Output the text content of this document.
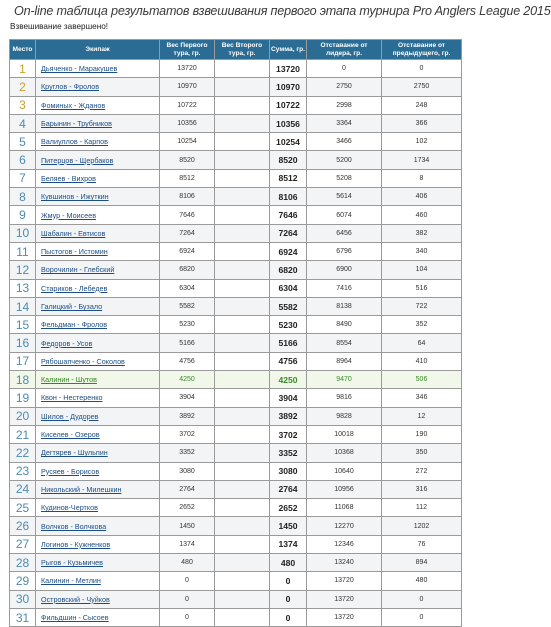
On-line таблица результатов взвешивания первого этапа турнира Pro Anglers League 2015
Взвешивание завершено!
Место	Экипаж	Вес Первого тура, гр.	Вес Второго тура, гр.	Сумма, гр.	Отставание от лидера, гр.	Отставание от предыдущего, гр.
1	Дьяченко - Маракушев	13720		13720	0	0
2	Круглов - Фролов	10970		10970	2750	2750
3	Фоминых - Жданов	10722		10722	2998	248
4	Барынин - Трубников	10356		10356	3364	366
5	Валиуллов - Карпов	10254		10254	3466	102
6	Питерцов - Щербаков	8520		8520	5200	1734
7	Беляев - Вихров	8512		8512	5208	8
8	Кувшинов - Ижуткин	8106		8106	5614	406
9	Жмур - Моисеев	7646		7646	6074	460
10	Шабалин - Евтисов	7264		7264	6456	382
11	Пыстогов - Истомин	6924		6924	6796	340
12	Ворочилин - Глебский	6820		6820	6900	104
13	Стариков - Лебедев	6304		6304	7416	516
14	Галицкий - Бузало	5582		5582	8138	722
15	Фельдман - Фролов	5230		5230	8490	352
16	Федоров - Усов	5166		5166	8554	64
17	Рябошапченко - Соколов	4756		4756	8964	410
18	Калинин - Шутов	4250		4250	9470	506
19	Квон - Нестеренко	3904		3904	9816	346
20	Шилов - Дудорев	3892		3892	9828	12
21	Киселев - Озеров	3702		3702	10018	190
22	Дегтярев - Шульпин	3352		3352	10368	350
23	Русяев - Борисов	3080		3080	10640	272
24	Никольский - Милешкин	2764		2764	10956	316
25	Кудинов-Чертков	2652		2652	11068	112
26	Волчков - Волчкова	1450		1450	12270	1202
27	Логинов - Кужненков	1374		1374	12346	76
28	Рыгов - Кузьмичев	480		480	13240	894
29	Калинин - Метлин	0		0	13720	480
30	Островский - Чуйков	0		0	13720	0
31	Фильдшин - Сысоев	0		0	13720	0
